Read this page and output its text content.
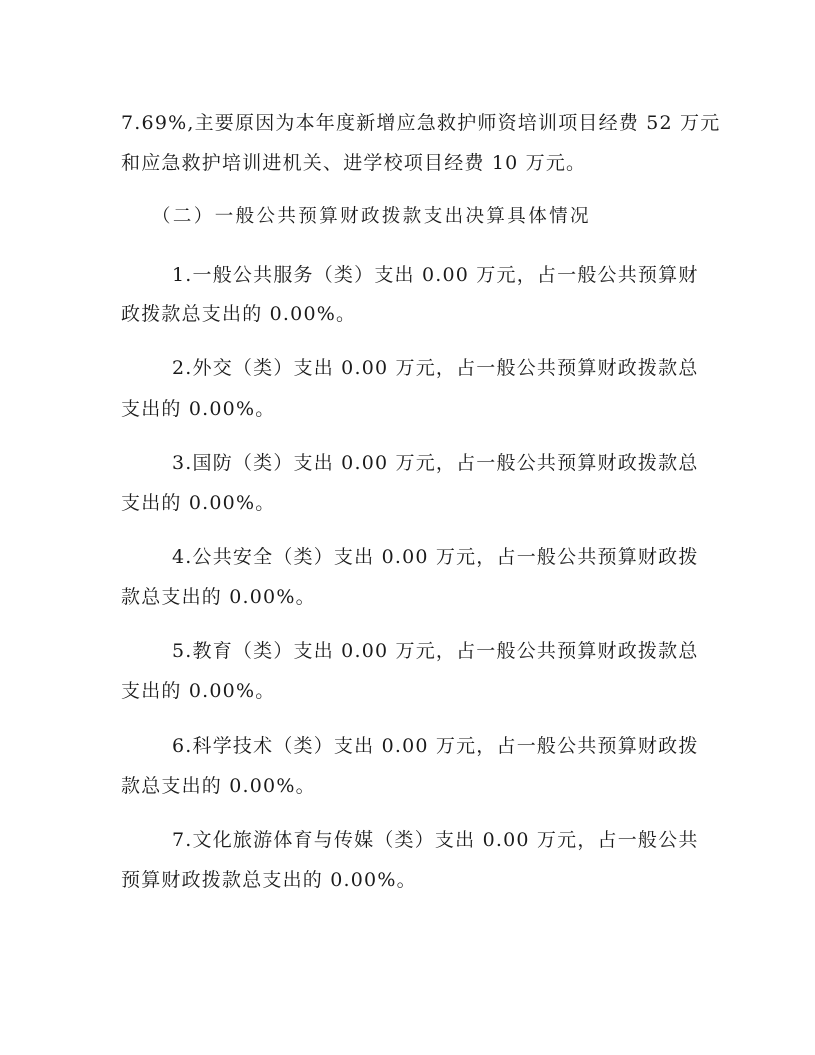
7.69%,主要原因为本年度新增应急救护师资培训项目经费 52 万元
和应急救护培训进机关、进学校项目经费 10 万元。
（二）一般公共预算财政拨款支出决算具体情况
1.一般公共服务（类）支出 0.00 万元，占一般公共预算财
政拨款总支出的 0.00%。
2.外交（类）支出 0.00 万元，占一般公共预算财政拨款总
支出的 0.00%。
3.国防（类）支出 0.00 万元，占一般公共预算财政拨款总
支出的 0.00%。
4.公共安全（类）支出 0.00 万元，占一般公共预算财政拨
款总支出的 0.00%。
5.教育（类）支出 0.00 万元，占一般公共预算财政拨款总
支出的 0.00%。
6.科学技术（类）支出 0.00 万元，占一般公共预算财政拨
款总支出的 0.00%。
7.文化旅游体育与传媒（类）支出 0.00 万元，占一般公共
预算财政拨款总支出的 0.00%。
